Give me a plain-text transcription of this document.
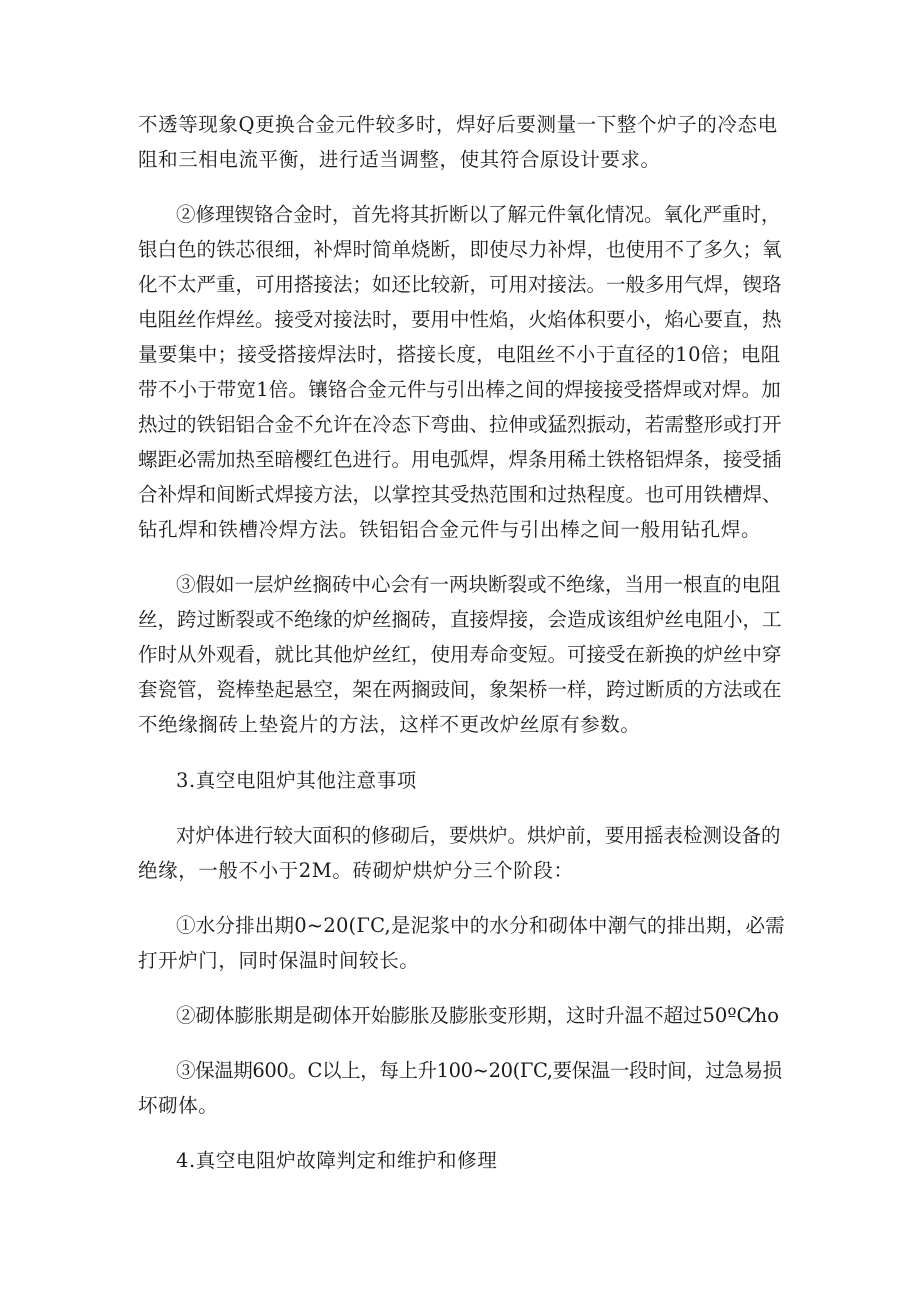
不透等现象Q更换合金元件较多时，焊好后要测量一下整个炉子的冷态电
阻和三相电流平衡，进行适当调整，使其符合原设计要求。
②修理锲铬合金时，首先将其折断以了解元件氧化情况。氧化严重时，
银白色的铁芯很细，补焊时简单烧断，即使尽力补焊，也使用不了多久；氧
化不太严重，可用搭接法；如还比较新，可用对接法。一般多用气焊，锲珞
电阻丝作焊丝。接受对接法时，要用中性焰，火焰体积要小，焰心要直，热
量要集中；接受搭接焊法时，搭接长度，电阻丝不小于直径的10倍；电阻
带不小于带宽1倍。镶铬合金元件与引出棒之间的焊接接受搭焊或对焊。加
热过的铁铝铝合金不允许在冷态下弯曲、拉伸或猛烈振动，若需整形或打开
螺距必需加热至暗樱红色进行。用电弧焊，焊条用稀土铁格铝焊条，接受插
合补焊和间断式焊接方法，以掌控其受热范围和过热程度。也可用铁槽焊、
钻孔焊和铁槽冷焊方法。铁铝铝合金元件与引出棒之间一般用钻孔焊。
③假如一层炉丝搁砖中心会有一两块断裂或不绝缘，当用一根直的电阻
丝，跨过断裂或不绝缘的炉丝搁砖，直接焊接，会造成该组炉丝电阻小，工
作时从外观看，就比其他炉丝红，使用寿命变短。可接受在新换的炉丝中穿
套瓷管，瓷棒垫起悬空，架在两搁豉间，象架桥一样，跨过断质的方法或在
不绝缘搁砖上垫瓷片的方法，这样不更改炉丝原有参数。
3.真空电阻炉其他注意事项
对炉体进行较大面积的修砌后，要烘炉。烘炉前，要用摇表检测设备的
绝缘，一般不小于2M。砖砌炉烘炉分三个阶段：
①水分排出期0~20(ΓC,是泥浆中的水分和砌体中潮气的排出期，必需
打开炉门，同时保温时间较长。
②砌体膨胀期是砌体开始膨胀及膨胀变形期，这时升温不超过50ºC⁄ho
③保温期600。C以上，每上升100~20(ΓC,要保温一段时间，过急易损
坏砌体。
4.真空电阻炉故障判定和维护和修理
